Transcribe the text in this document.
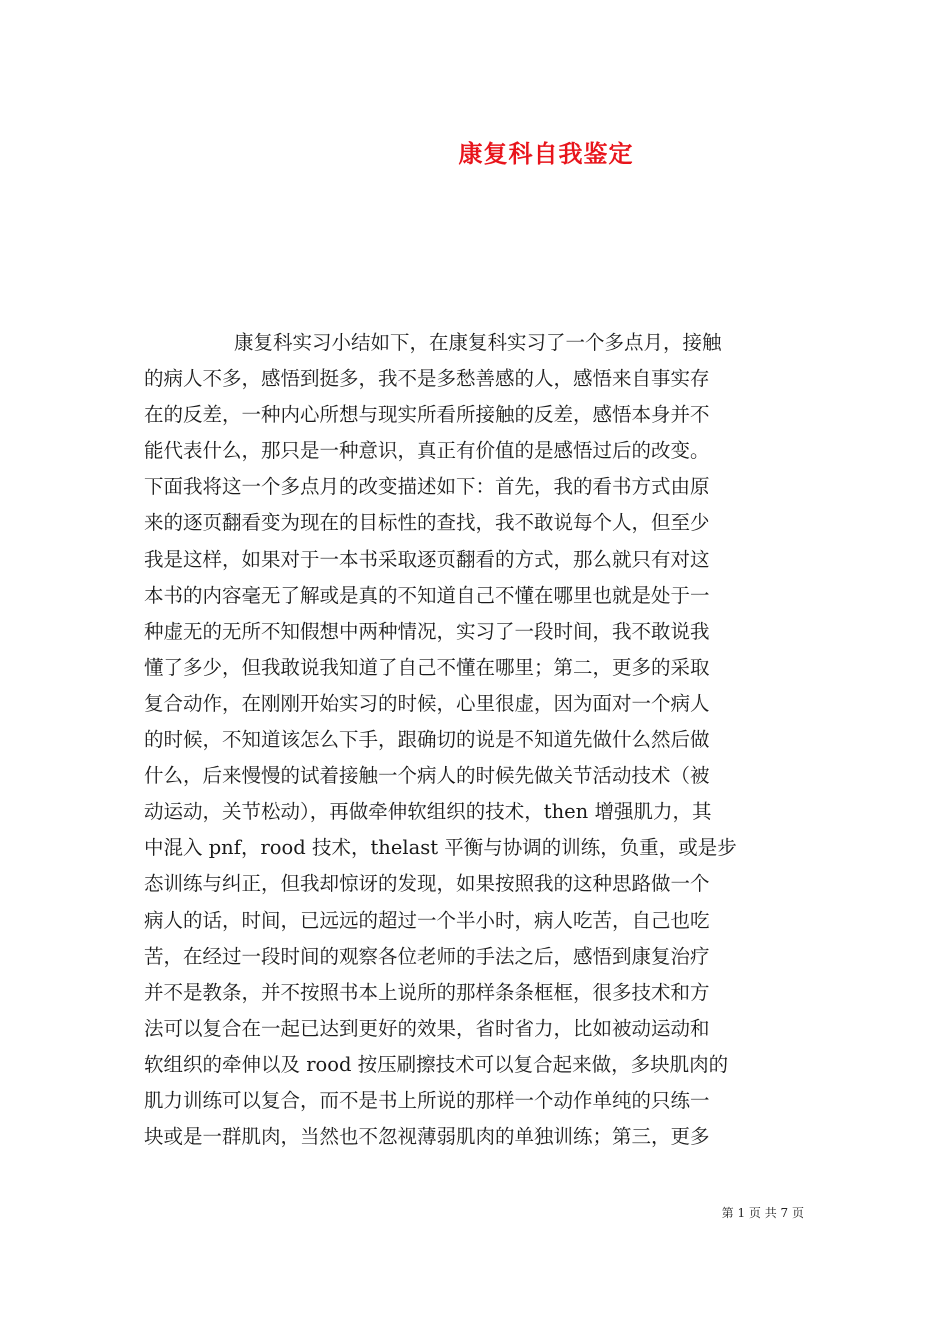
康复科自我鉴定
康复科实习小结如下，在康复科实习了一个多点月，接触
的病人不多，感悟到挺多，我不是多愁善感的人，感悟来自事实存
在的反差，一种内心所想与现实所看所接触的反差，感悟本身并不
能代表什么，那只是一种意识，真正有价值的是感悟过后的改变。
下面我将这一个多点月的改变描述如下：首先，我的看书方式由原
来的逐页翻看变为现在的目标性的查找，我不敢说每个人，但至少
我是这样，如果对于一本书采取逐页翻看的方式，那么就只有对这
本书的内容毫无了解或是真的不知道自己不懂在哪里也就是处于一
种虚无的无所不知假想中两种情况，实习了一段时间，我不敢说我
懂了多少，但我敢说我知道了自己不懂在哪里；第二，更多的采取
复合动作，在刚刚开始实习的时候，心里很虚，因为面对一个病人
的时候，不知道该怎么下手，跟确切的说是不知道先做什么然后做
什么，后来慢慢的试着接触一个病人的时候先做关节活动技术（被
动运动，关节松动），再做牵伸软组织的技术，then 增强肌力，其
中混入 pnf，rood 技术，thelast 平衡与协调的训练，负重，或是步
态训练与纠正，但我却惊讶的发现，如果按照我的这种思路做一个
病人的话，时间，已远远的超过一个半小时，病人吃苦，自己也吃
苦，在经过一段时间的观察各位老师的手法之后，感悟到康复治疗
并不是教条，并不按照书本上说所的那样条条框框，很多技术和方
法可以复合在一起已达到更好的效果，省时省力，比如被动运动和
软组织的牵伸以及 rood 按压刷擦技术可以复合起来做，多块肌肉的
肌力训练可以复合，而不是书上所说的那样一个动作单纯的只练一
块或是一群肌肉，当然也不忽视薄弱肌肉的单独训练；第三，更多
第 1 页 共 7 页
